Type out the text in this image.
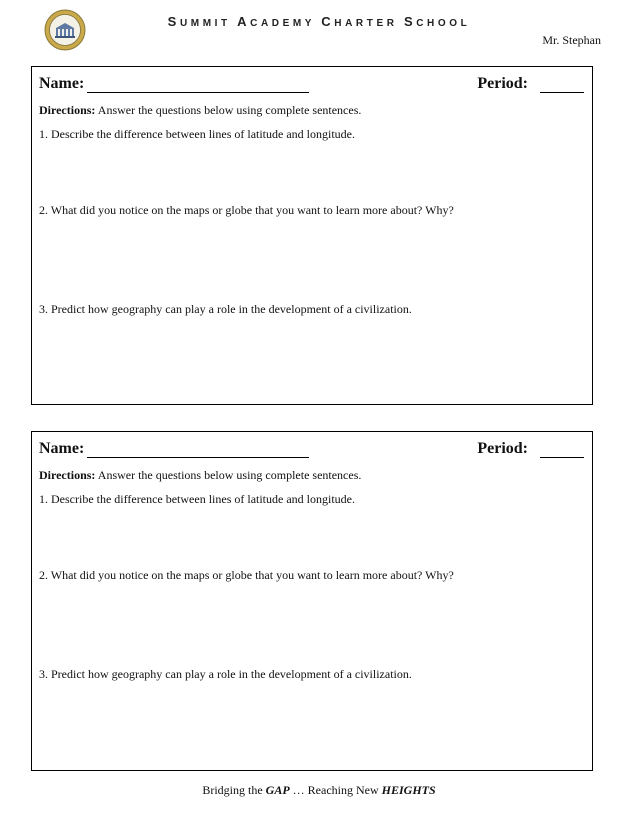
SUMMIT ACADEMY CHARTER SCHOOL
Mr. Stephan
Name:	Period:
Directions: Answer the questions below using complete sentences.
1. Describe the difference between lines of latitude and longitude.
2. What did you notice on the maps or globe that you want to learn more about? Why?
3. Predict how geography can play a role in the development of a civilization.
Name:	Period:
Directions: Answer the questions below using complete sentences.
1. Describe the difference between lines of latitude and longitude.
2. What did you notice on the maps or globe that you want to learn more about? Why?
3. Predict how geography can play a role in the development of a civilization.
Bridging the GAP … Reaching New HEIGHTS
